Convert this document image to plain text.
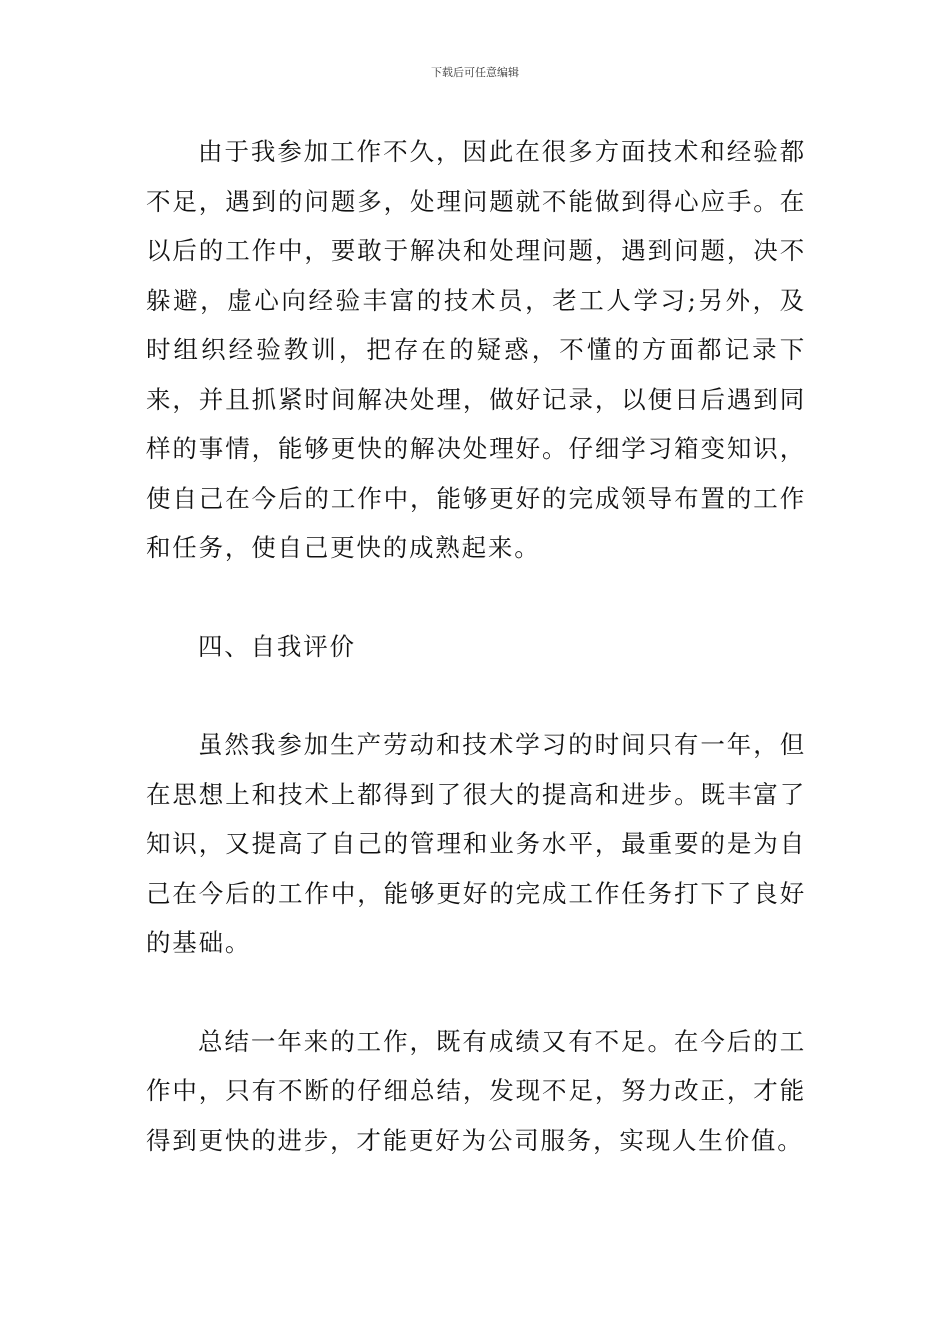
下载后可任意编辑

由于我参加工作不久，因此在很多方面技术和经验都不足，遇到的问题多，处理问题就不能做到得心应手。在以后的工作中，要敢于解决和处理问题，遇到问题，决不躲避，虚心向经验丰富的技术员，老工人学习;另外，及时组织经验教训，把存在的疑惑，不懂的方面都记录下来，并且抓紧时间解决处理，做好记录，以便日后遇到同样的事情，能够更快的解决处理好。仔细学习箱变知识，使自己在今后的工作中，能够更好的完成领导布置的工作和任务，使自己更快的成熟起来。

四、自我评价

虽然我参加生产劳动和技术学习的时间只有一年，但在思想上和技术上都得到了很大的提高和进步。既丰富了知识，又提高了自己的管理和业务水平，最重要的是为自己在今后的工作中，能够更好的完成工作任务打下了良好的基础。

总结一年来的工作，既有成绩又有不足。在今后的工作中，只有不断的仔细总结，发现不足，努力改正，才能得到更快的进步，才能更好为公司服务，实现人生价值。
